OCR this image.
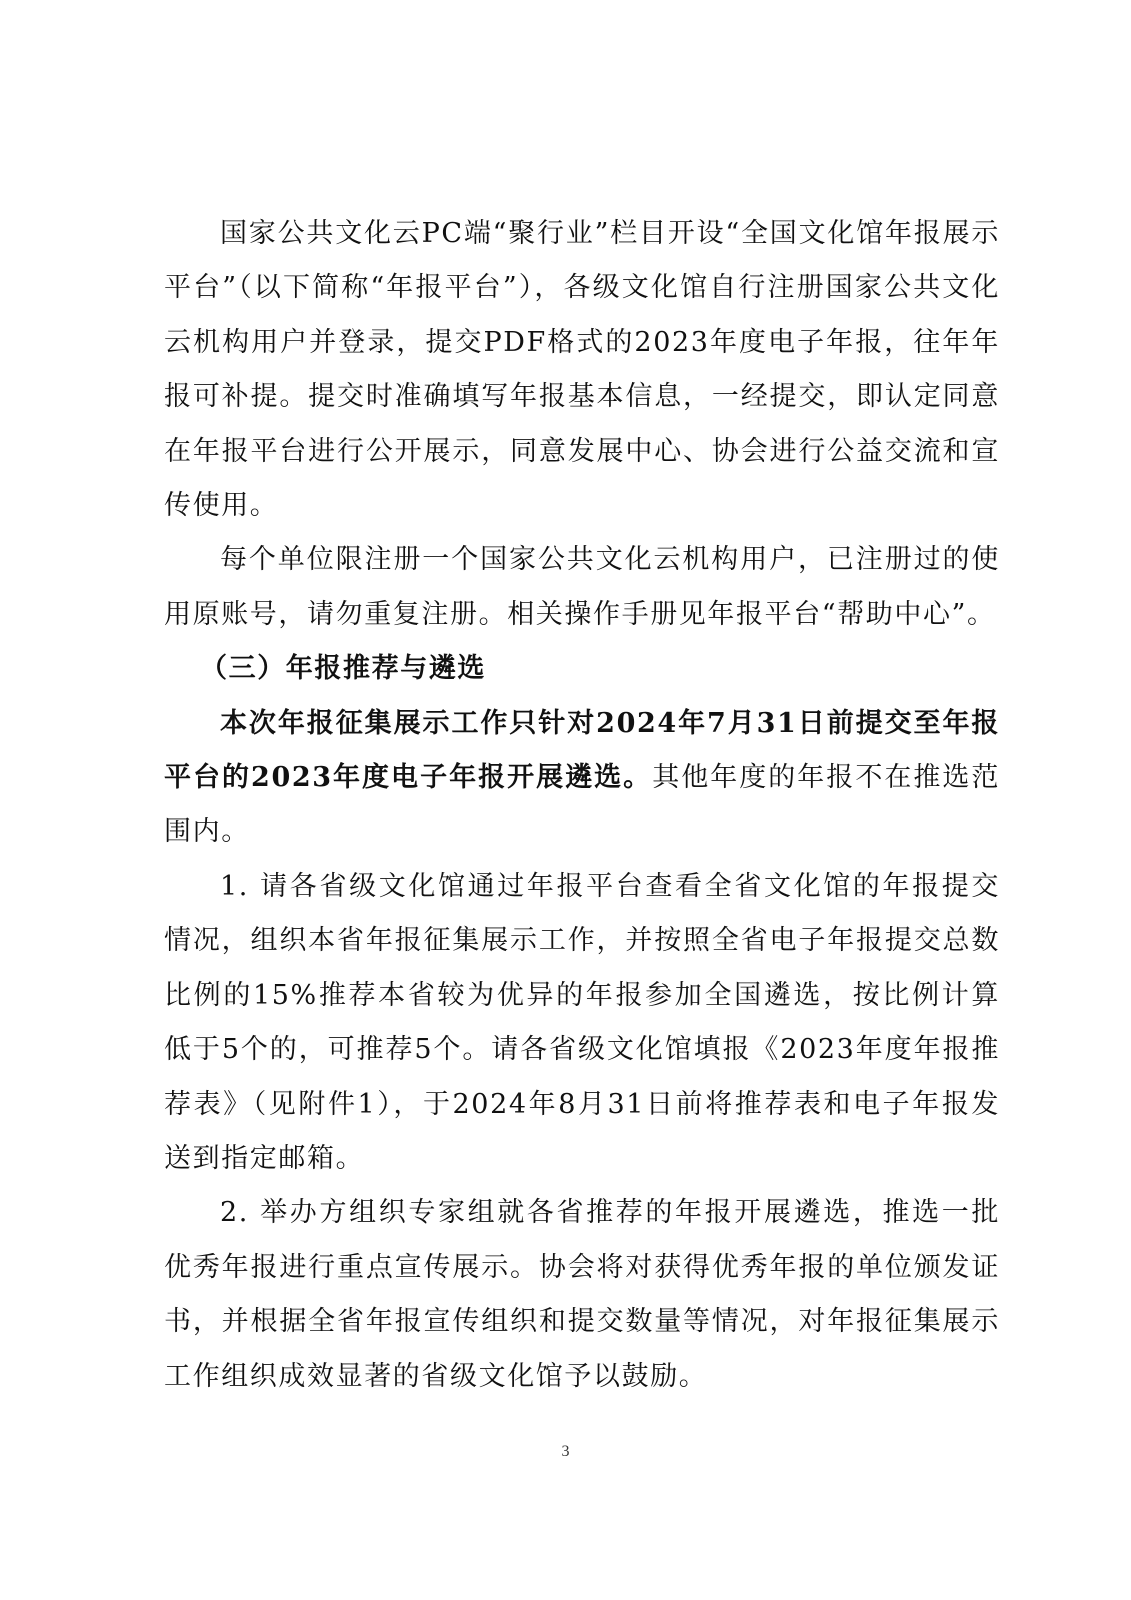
国家公共文化云PC端“聚行业”栏目开设“全国文化馆年报展示平台”（以下简称“年报平台”），各级文化馆自行注册国家公共文化云机构用户并登录，提交PDF格式的2023年度电子年报，往年年报可补提。提交时准确填写年报基本信息，一经提交，即认定同意在年报平台进行公开展示，同意发展中心、协会进行公益交流和宣传使用。

每个单位限注册一个国家公共文化云机构用户，已注册过的使用原账号，请勿重复注册。相关操作手册见年报平台“帮助中心”。

（三）年报推荐与遴选

本次年报征集展示工作只针对2024年7月31日前提交至年报平台的2023年度电子年报开展遴选。其他年度的年报不在推选范围内。

1. 请各省级文化馆通过年报平台查看全省文化馆的年报提交情况，组织本省年报征集展示工作，并按照全省电子年报提交总数比例的15%推荐本省较为优异的年报参加全国遴选，按比例计算低于5个的，可推荐5个。请各省级文化馆填报《2023年度年报推荐表》（见附件1），于2024年8月31日前将推荐表和电子年报发送到指定邮箱。

2. 举办方组织专家组就各省推荐的年报开展遴选，推选一批优秀年报进行重点宣传展示。协会将对获得优秀年报的单位颁发证书，并根据全省年报宣传组织和提交数量等情况，对年报征集展示工作组织成效显著的省级文化馆予以鼓励。

3
